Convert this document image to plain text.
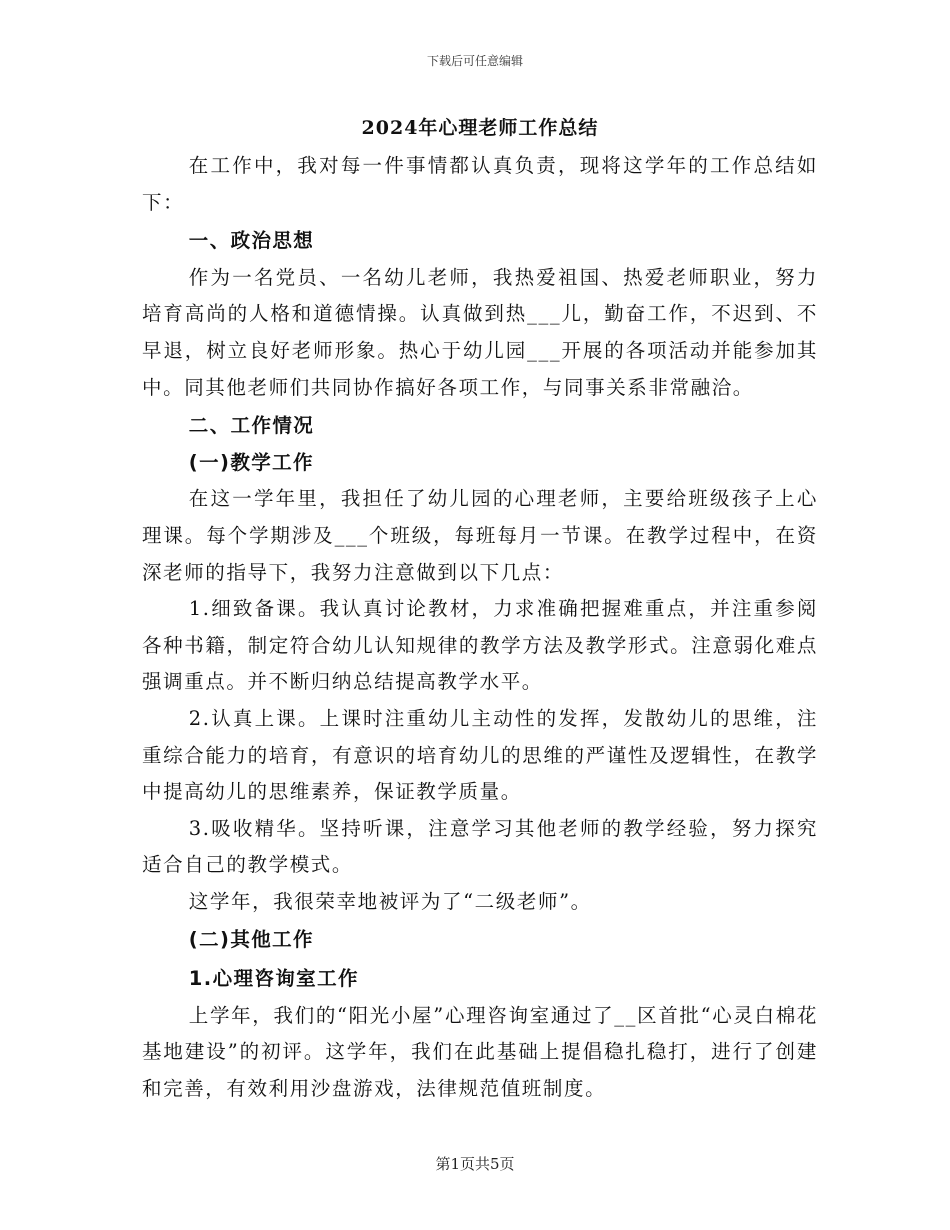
下载后可任意编辑
2024年心理老师工作总结

在工作中，我对每一件事情都认真负责，现将这学年的工作总结如下：

一、政治思想

作为一名党员、一名幼儿老师，我热爱祖国、热爱老师职业，努力培育高尚的人格和道德情操。认真做到热___儿，勤奋工作，不迟到、不早退，树立良好老师形象。热心于幼儿园___开展的各项活动并能参加其中。同其他老师们共同协作搞好各项工作，与同事关系非常融洽。

二、工作情况
(一)教学工作

在这一学年里，我担任了幼儿园的心理老师，主要给班级孩子上心理课。每个学期涉及___个班级，每班每月一节课。在教学过程中，在资深老师的指导下，我努力注意做到以下几点：

1.细致备课。我认真讨论教材，力求准确把握难重点，并注重参阅各种书籍，制定符合幼儿认知规律的教学方法及教学形式。注意弱化难点强调重点。并不断归纳总结提高教学水平。

2.认真上课。上课时注重幼儿主动性的发挥，发散幼儿的思维，注重综合能力的培育，有意识的培育幼儿的思维的严谨性及逻辑性，在教学中提高幼儿的思维素养，保证教学质量。

3.吸收精华。坚持听课，注意学习其他老师的教学经验，努力探究适合自己的教学模式。

这学年，我很荣幸地被评为了“二级老师”。

(二)其他工作
1.心理咨询室工作

上学年，我们的“阳光小屋”心理咨询室通过了__区首批“心灵白棉花基地建设”的初评。这学年，我们在此基础上提倡稳扎稳打，进行了创建和完善，有效利用沙盘游戏，法律规范值班制度。

第1页共5页
